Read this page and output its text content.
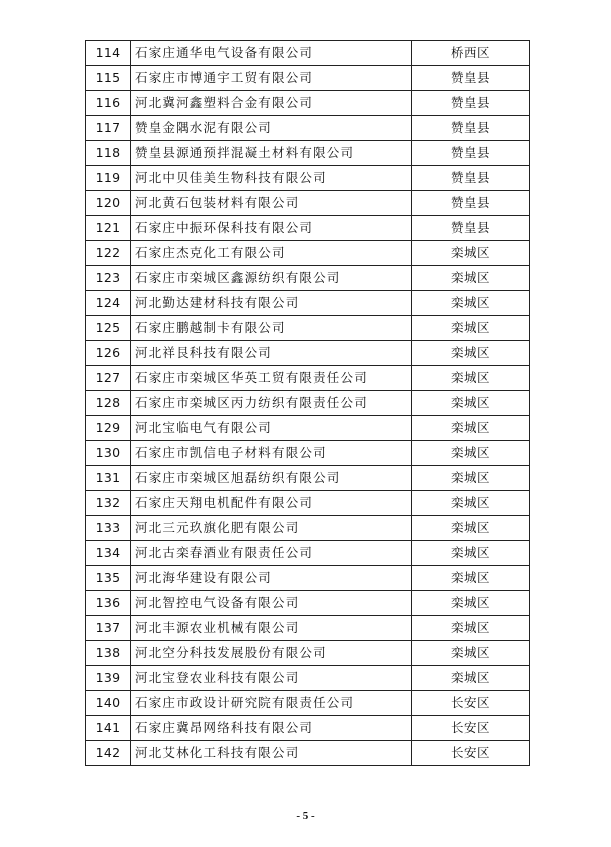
114	石家庄通华电气设备有限公司	桥西区
115	石家庄市博通宇工贸有限公司	赞皇县
116	河北冀河鑫塑料合金有限公司	赞皇县
117	赞皇金隅水泥有限公司	赞皇县
118	赞皇县源通预拌混凝土材料有限公司	赞皇县
119	河北中贝佳美生物科技有限公司	赞皇县
120	河北黄石包装材料有限公司	赞皇县
121	石家庄中振环保科技有限公司	赞皇县
122	石家庄杰克化工有限公司	栾城区
123	石家庄市栾城区鑫源纺织有限公司	栾城区
124	河北勤达建材科技有限公司	栾城区
125	石家庄鹏越制卡有限公司	栾城区
126	河北祥艮科技有限公司	栾城区
127	石家庄市栾城区华英工贸有限责任公司	栾城区
128	石家庄市栾城区丙力纺织有限责任公司	栾城区
129	河北宝临电气有限公司	栾城区
130	石家庄市凯信电子材料有限公司	栾城区
131	石家庄市栾城区旭磊纺织有限公司	栾城区
132	石家庄天翔电机配件有限公司	栾城区
133	河北三元玖旗化肥有限公司	栾城区
134	河北古栾春酒业有限责任公司	栾城区
135	河北海华建设有限公司	栾城区
136	河北智控电气设备有限公司	栾城区
137	河北丰源农业机械有限公司	栾城区
138	河北空分科技发展股份有限公司	栾城区
139	河北宝登农业科技有限公司	栾城区
140	石家庄市政设计研究院有限责任公司	长安区
141	石家庄冀昂网络科技有限公司	长安区
142	河北艾林化工科技有限公司	长安区
- 5 -
